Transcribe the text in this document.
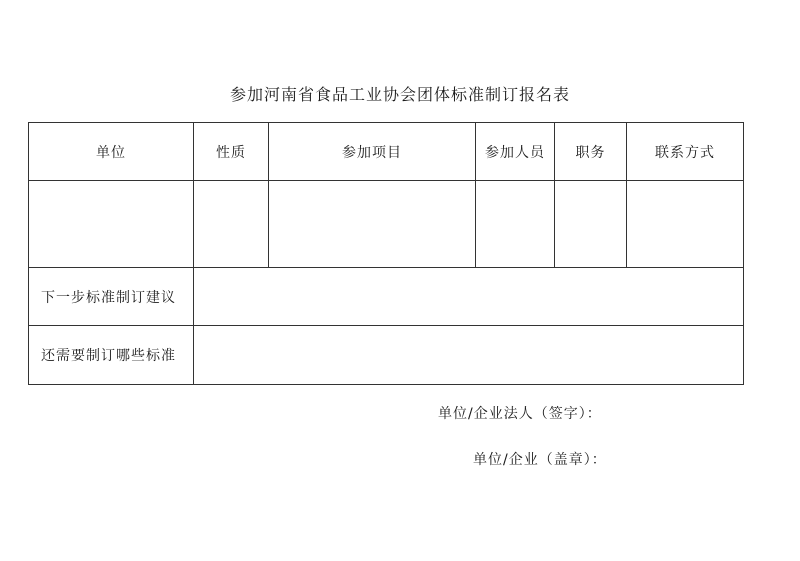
参加河南省食品工业协会团体标准制订报名表
单位	性质	参加项目	参加人员	职务	联系方式

下一步标准制订建议					
还需要制订哪些标准					
单位/企业法人（签字）：
单位/企业（盖章）：
